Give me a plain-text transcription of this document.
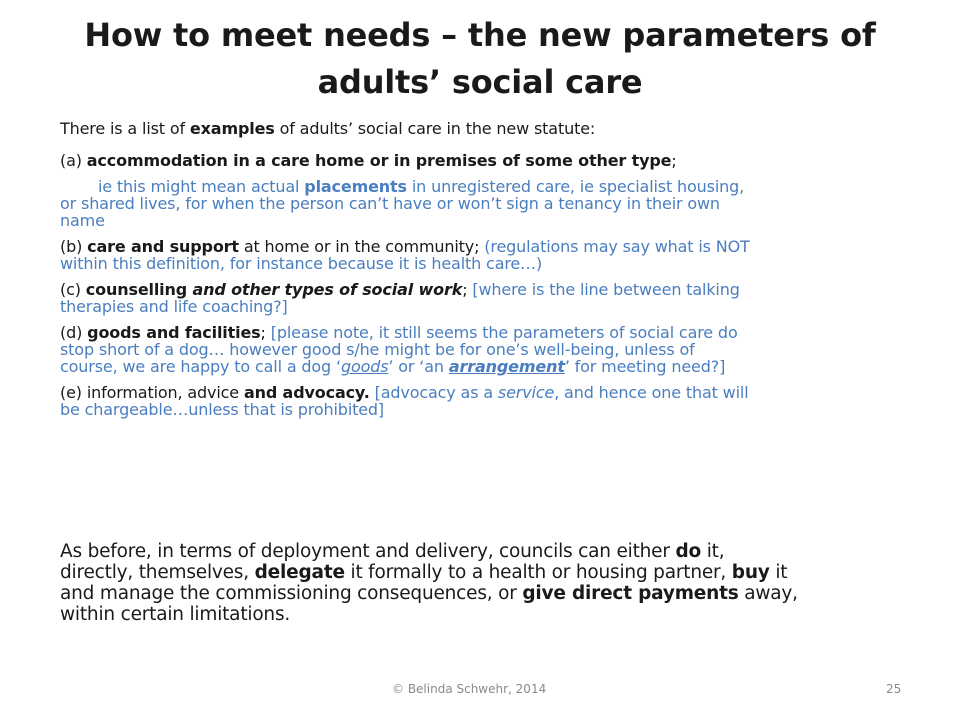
How to meet needs – the new parameters of
adults’ social care

There is a list of examples of adults’ social care in the new statute:

(a) accommodation in a care home or in premises of some other type;

ie this might mean actual placements in unregistered care, ie specialist housing,
or shared lives, for when the person can’t have or won’t sign a tenancy in their own
name

(b) care and support at home or in the community; (regulations may say what is NOT
within this definition, for instance because it is health care…)

(c) counselling and other types of social work; [where is the line between talking
therapies and life coaching?]

(d) goods and facilities; [please note, it still seems the parameters of social care do
stop short of a dog… however good s/he might be for one’s well-being, unless of
course, we are happy to call a dog ‘goods’ or ‘an arrangement’ for meeting need?]

(e) information, advice and advocacy. [advocacy as a service, and hence one that will
be chargeable…unless that is prohibited]

As before, in terms of deployment and delivery, councils can either do it,
directly, themselves, delegate it formally to a health or housing partner, buy it
and manage the commissioning consequences, or give direct payments away,
within certain limitations.

© Belinda Schwehr, 2014	25
